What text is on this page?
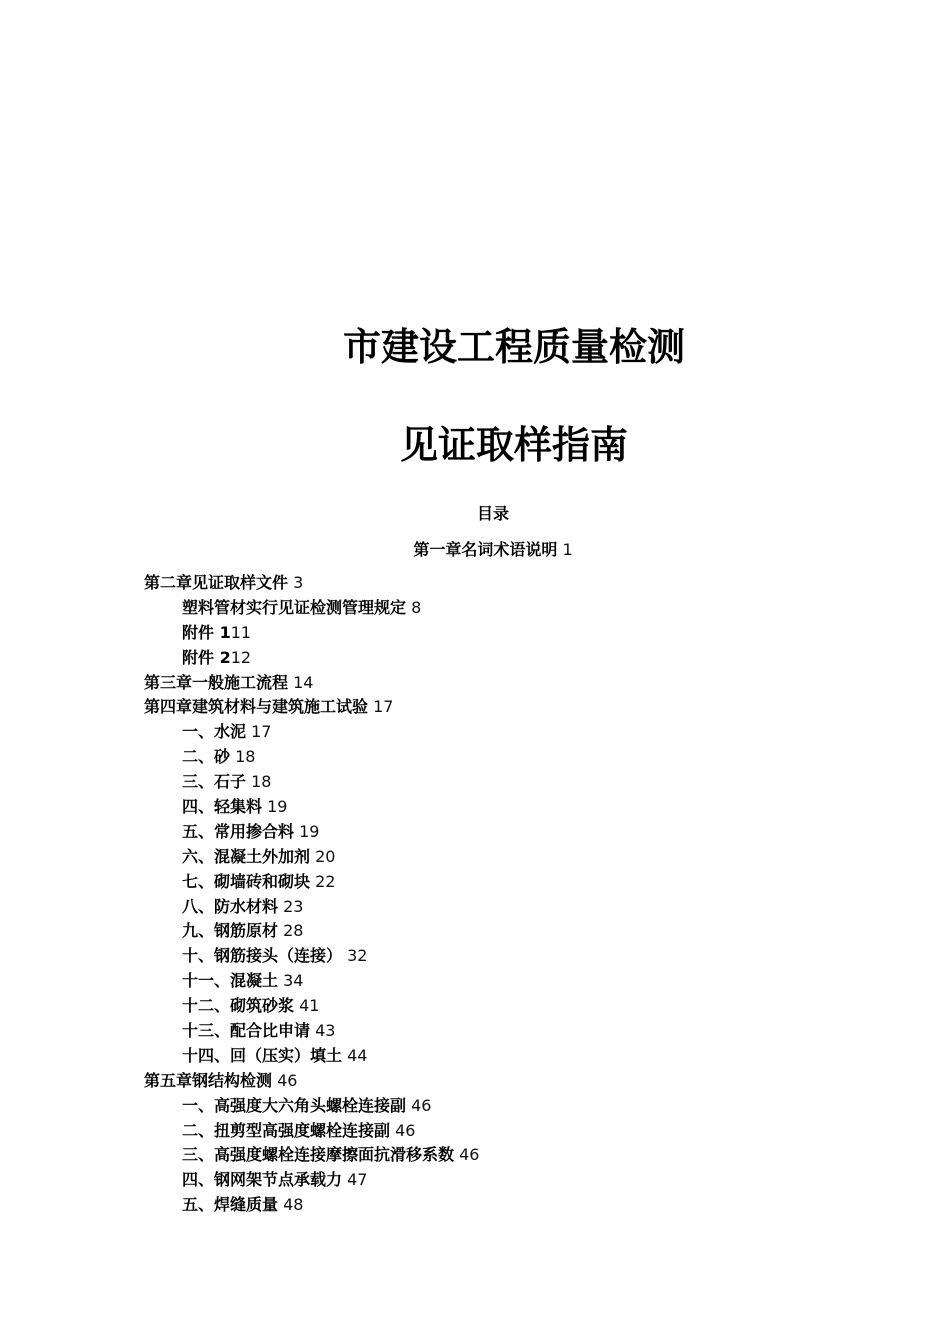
市建设工程质量检测
见证取样指南
目录
第一章名词术语说明 1
第二章见证取样文件 3
塑料管材实行见证检测管理规定 8
附件 111
附件 212
第三章一般施工流程 14
第四章建筑材料与建筑施工试验 17
一、水泥 17
二、砂 18
三、石子 18
四、轻集料 19
五、常用掺合料 19
六、混凝土外加剂 20
七、砌墙砖和砌块 22
八、防水材料 23
九、钢筋原材 28
十、钢筋接头（连接） 32
十一、混凝土 34
十二、砌筑砂浆 41
十三、配合比申请 43
十四、回（压实）填土 44
第五章钢结构检测 46
一、高强度大六角头螺栓连接副 46
二、扭剪型高强度螺栓连接副 46
三、高强度螺栓连接摩擦面抗滑移系数 46
四、钢网架节点承载力 47
五、焊缝质量 48
